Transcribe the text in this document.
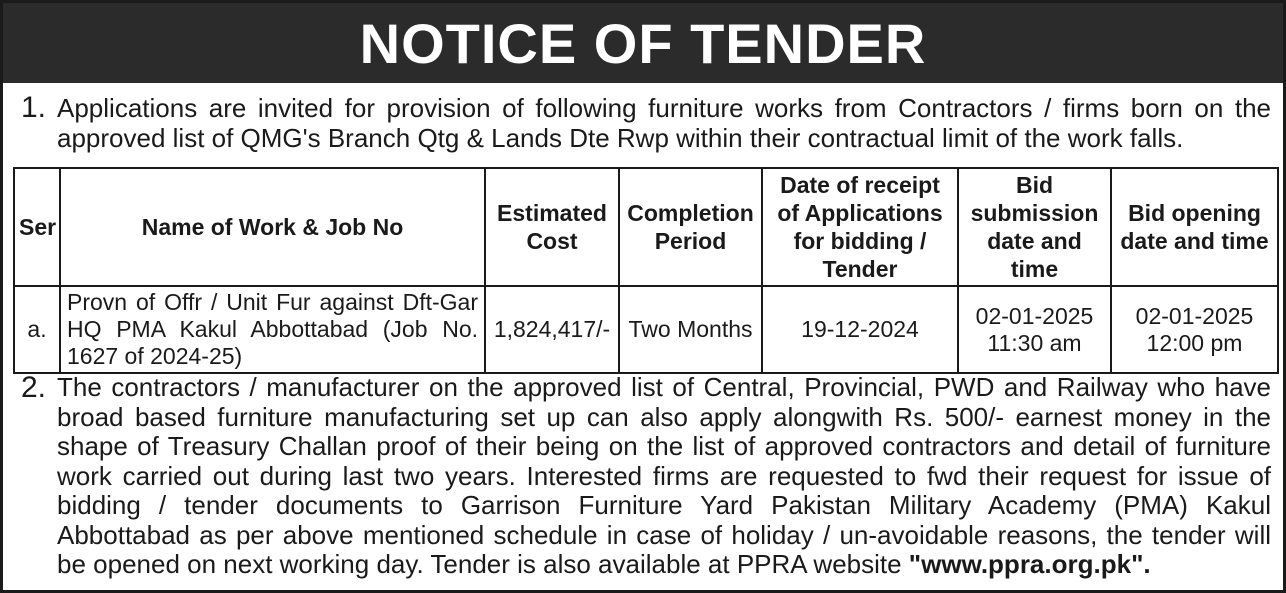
NOTICE OF TENDER
1. Applications are invited for provision of following furniture works from Contractors / firms born on the approved list of QMG's Branch Qtg & Lands Dte Rwp within their contractual limit of the work falls.
Ser	Name of Work & Job No	Estimated Cost	Completion Period	Date of receipt of Applications for bidding / Tender	Bid submission date and time	Bid opening date and time
a.	Provn of Offr / Unit Fur against Dft-Gar HQ PMA Kakul Abbottabad (Job No. 1627 of 2024-25)	1,824,417/-	Two Months	19-12-2024	02-01-2025 11:30 am	02-01-2025 12:00 pm
2. The contractors / manufacturer on the approved list of Central, Provincial, PWD and Railway who have broad based furniture manufacturing set up can also apply alongwith Rs. 500/- earnest money in the shape of Treasury Challan proof of their being on the list of approved contractors and detail of furniture work carried out during last two years. Interested firms are requested to fwd their request for issue of bidding / tender documents to Garrison Furniture Yard Pakistan Military Academy (PMA) Kakul Abbottabad as per above mentioned schedule in case of holiday / un-avoidable reasons, the tender will be opened on next working day. Tender is also available at PPRA website "www.ppra.org.pk".
